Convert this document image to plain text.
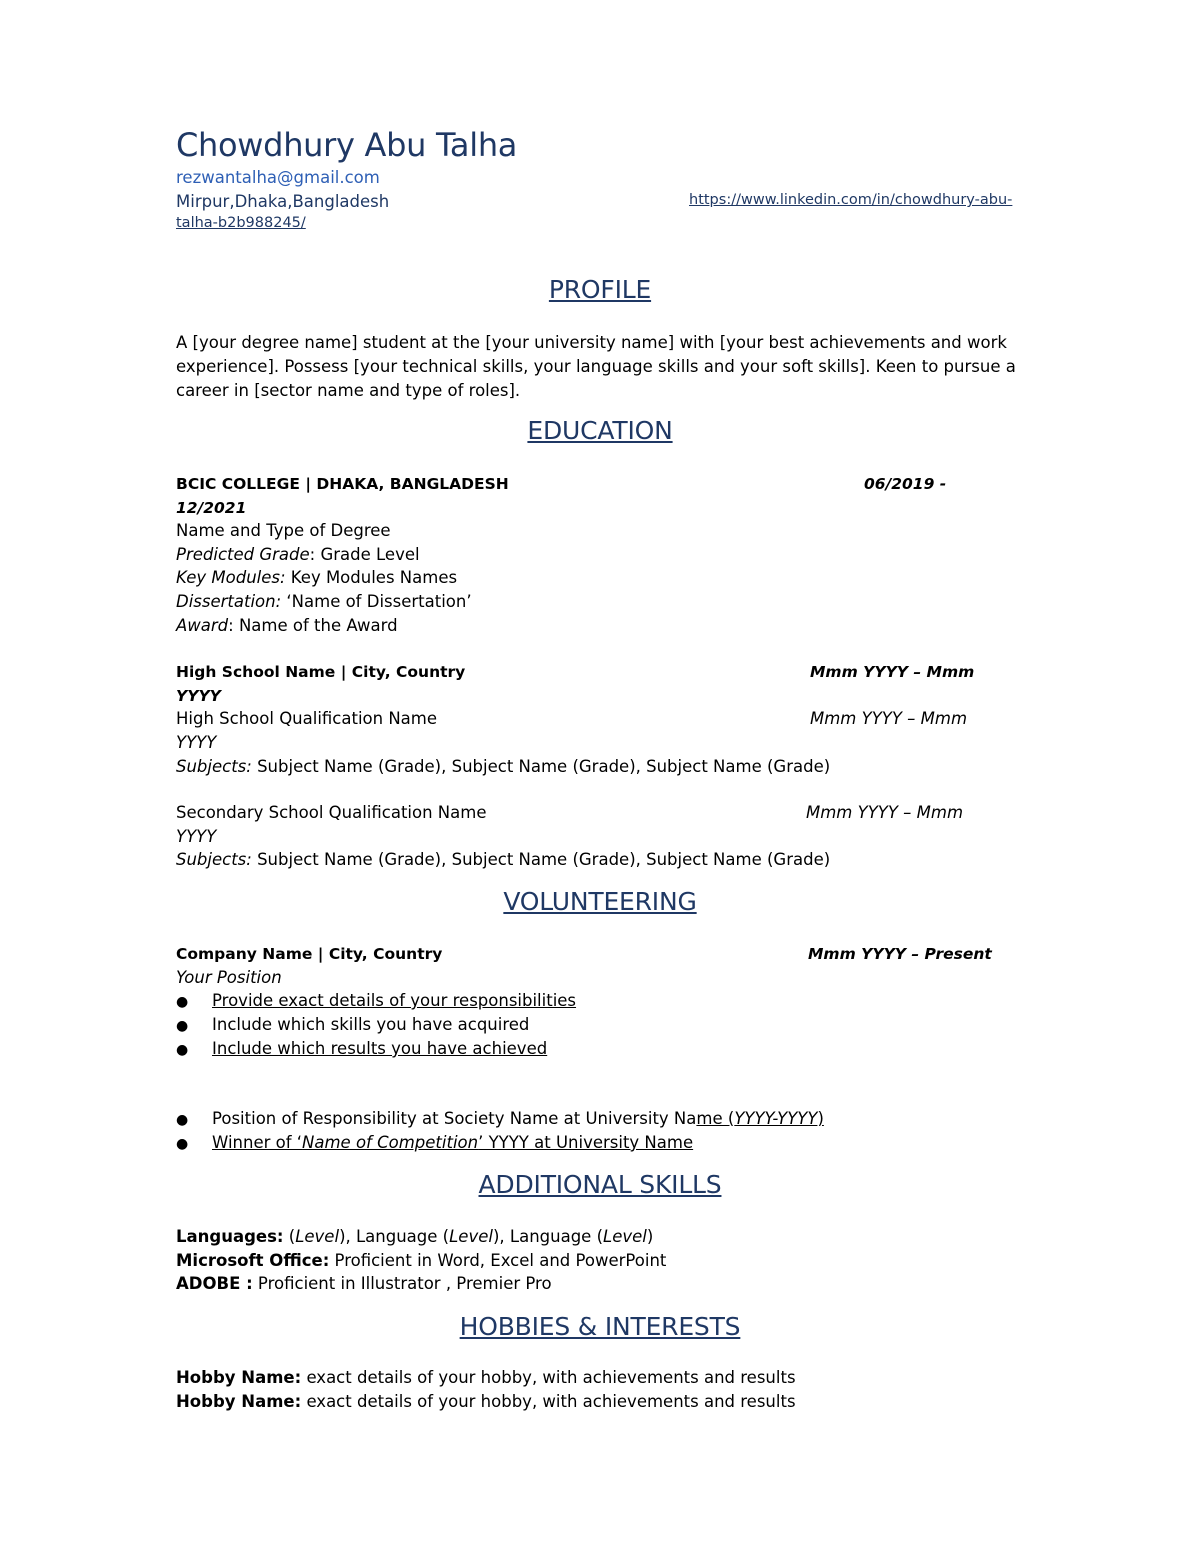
Chowdhury Abu Talha
rezwantalha@gmail.com
Mirpur,Dhaka,Bangladesh	https://www.linkedin.com/in/chowdhury-abu-
talha-b2b988245/
PROFILE
A [your degree name] student at the [your university name] with [your best achievements and work experience]. Possess [your technical skills, your language skills and your soft skills]. Keen to pursue a career in [sector name and type of roles].
EDUCATION
BCIC COLLEGE | DHAKA, BANGLADESH	06/2019 -
12/2021
Name and Type of Degree
Predicted Grade: Grade Level
Key Modules: Key Modules Names
Dissertation: ‘Name of Dissertation’
Award: Name of the Award
High School Name | City, Country	Mmm YYYY – Mmm
YYYY
High School Qualification Name	Mmm YYYY – Mmm
YYYY
Subjects: Subject Name (Grade), Subject Name (Grade), Subject Name (Grade)
Secondary School Qualification Name	Mmm YYYY – Mmm
YYYY
Subjects: Subject Name (Grade), Subject Name (Grade), Subject Name (Grade)
VOLUNTEERING
Company Name | City, Country	Mmm YYYY – Present
Your Position
● Provide exact details of your responsibilities
● Include which skills you have acquired
● Include which results you have achieved
● Position of Responsibility at Society Name at University Name (YYYY-YYYY)
● Winner of ‘Name of Competition’ YYYY at University Name
ADDITIONAL SKILLS
Languages: (Level), Language (Level), Language (Level)
Microsoft Office: Proficient in Word, Excel and PowerPoint
ADOBE : Proficient in Illustrator , Premier Pro
HOBBIES & INTERESTS
Hobby Name: exact details of your hobby, with achievements and results
Hobby Name: exact details of your hobby, with achievements and results
